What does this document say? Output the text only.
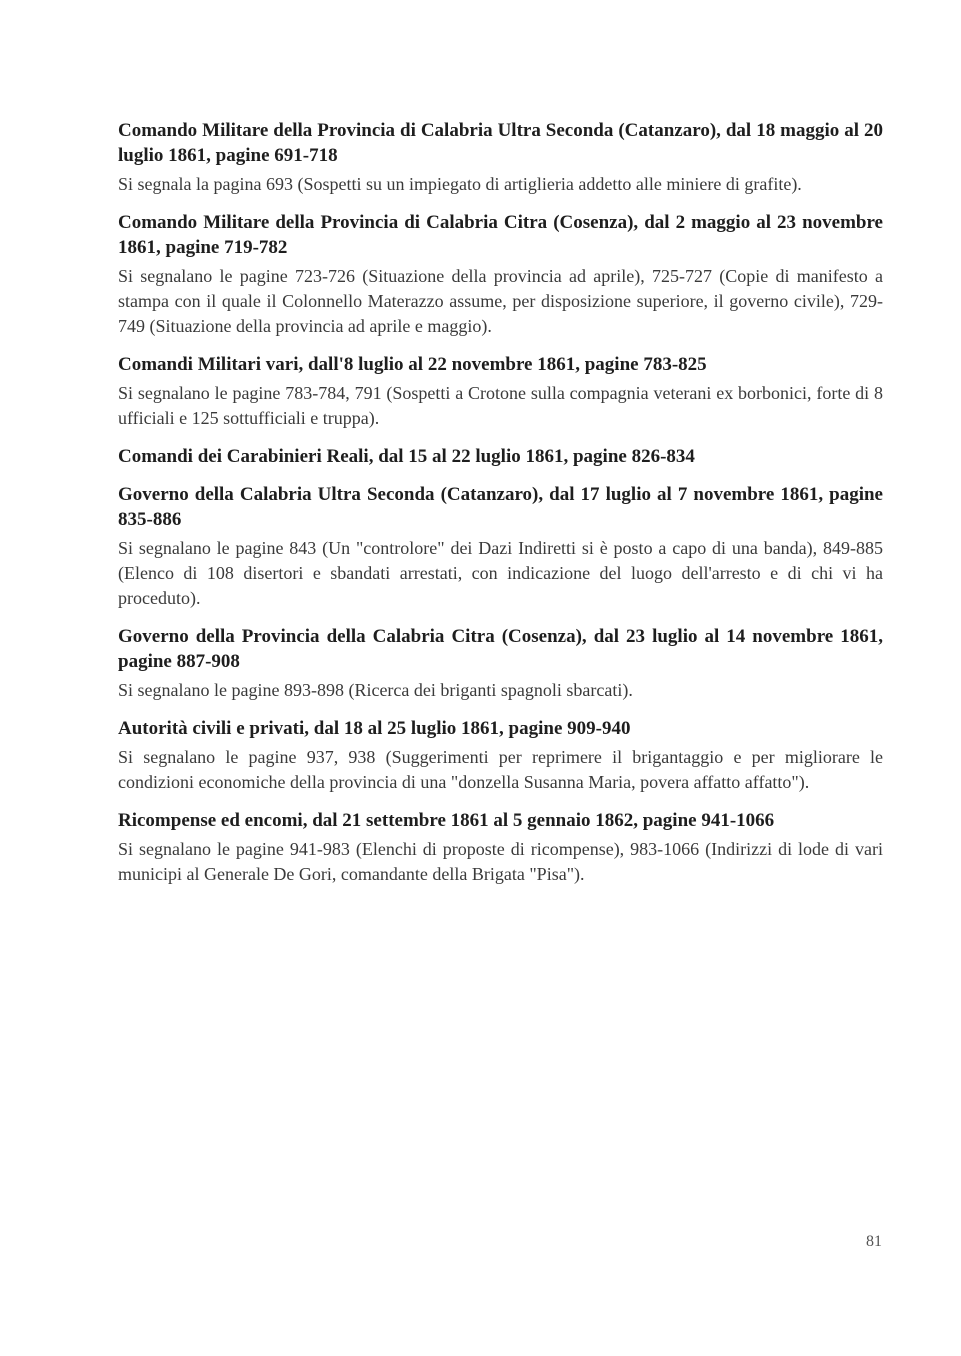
Comando Militare della Provincia di Calabria Ultra Seconda (Catanzaro), dal 18 maggio al 20 luglio 1861, pagine 691-718

Si segnala la pagina 693 (Sospetti su un impiegato di artiglieria addetto alle miniere di grafite).

Comando Militare della Provincia di Calabria Citra (Cosenza), dal 2 maggio al 23 novembre 1861, pagine 719-782

Si segnalano le pagine 723-726 (Situazione della provincia ad aprile), 725-727 (Copie di manifesto a stampa con il quale il Colonnello Materazzo assume, per disposizione superiore, il governo civile), 729-749 (Situazione della provincia ad aprile e maggio).

Comandi Militari vari, dall'8 luglio al 22 novembre 1861, pagine 783-825

Si segnalano le pagine 783-784, 791 (Sospetti a Crotone sulla compagnia veterani ex borbonici, forte di 8 ufficiali e 125 sottufficiali e truppa).

Comandi dei Carabinieri Reali, dal 15 al 22 luglio 1861, pagine 826-834
Governo della Calabria Ultra Seconda (Catanzaro), dal 17 luglio al 7 novembre 1861, pagine 835-886

Si segnalano le pagine 843 (Un "controlore" dei Dazi Indiretti si è posto a capo di una banda), 849-885 (Elenco di 108 disertori e sbandati arrestati, con indicazione del luogo dell'arresto e di chi vi ha proceduto).

Governo della Provincia della Calabria Citra (Cosenza), dal 23 luglio al 14 novembre 1861, pagine 887-908

Si segnalano le pagine 893-898 (Ricerca dei briganti spagnoli sbarcati).

Autorità civili e privati, dal 18 al 25 luglio 1861, pagine 909-940

Si segnalano le pagine 937, 938 (Suggerimenti per reprimere il brigantaggio e per migliorare le condizioni economiche della provincia di una "donzella Susanna Maria, povera affatto affatto").

Ricompense ed encomi, dal 21 settembre 1861 al 5 gennaio 1862, pagine 941-1066

Si segnalano le pagine 941-983 (Elenchi di proposte di ricompense), 983-1066 (Indirizzi di lode di vari municipi al Generale De Gori, comandante della Brigata "Pisa").

81
